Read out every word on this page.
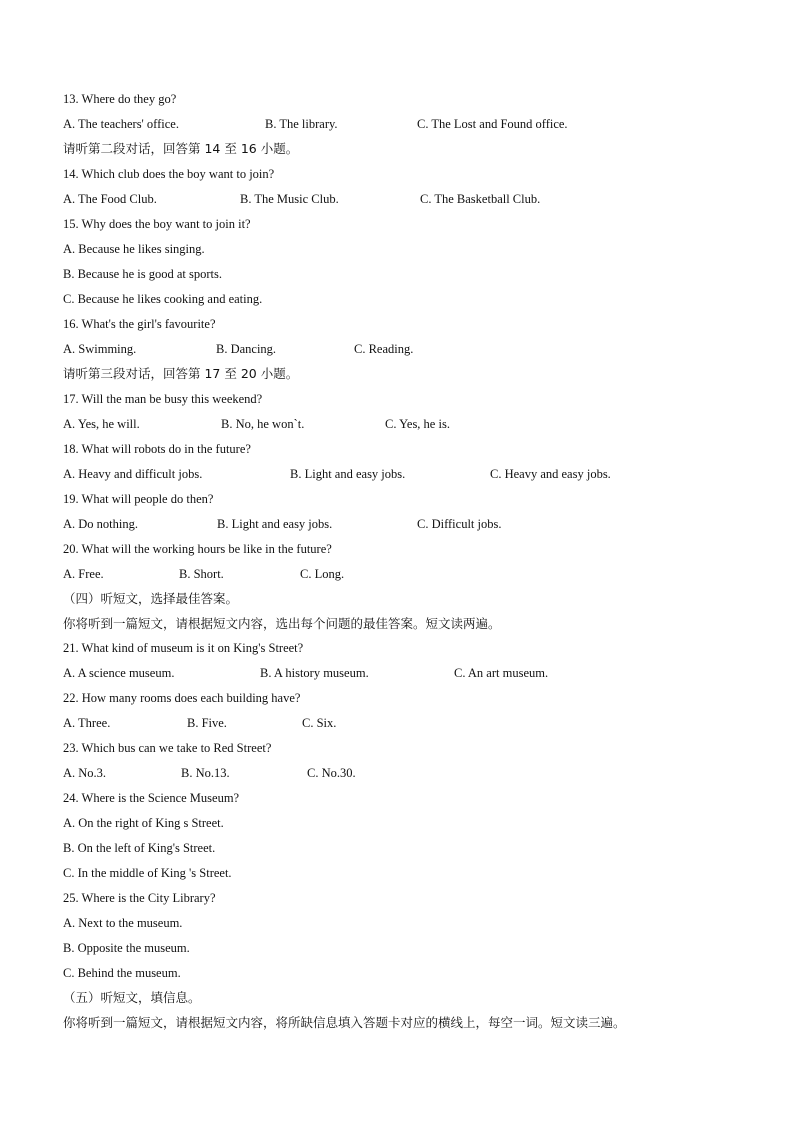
13. Where do they go?
A. The teachers' office.	B. The library.	C. The Lost and Found office.
请听第二段对话，回答第 14 至 16 小题。
14. Which club does the boy want to join?
A. The Food Club.	B. The Music Club.	C. The Basketball Club.
15. Why does the boy want to join it?
A. Because he likes singing.
B. Because he is good at sports.
C. Because he likes cooking and eating.
16. What's the girl's favourite?
A. Swimming.	B. Dancing.	C. Reading.
请听第三段对话，回答第 17 至 20 小题。
17. Will the man be busy this weekend?
A. Yes, he will.	B. No, he won`t.	C. Yes, he is.
18. What will robots do in the future?
A. Heavy and difficult jobs.	B. Light and easy jobs.	C. Heavy and easy jobs.
19. What will people do then?
A. Do nothing.	B. Light and easy jobs.	C. Difficult jobs.
20. What will the working hours be like in the future?
A. Free.	B. Short.	C. Long.
（四）听短文，选择最佳答案。
你将听到一篇短文，请根据短文内容，选出每个问题的最佳答案。短文读两遍。
21. What kind of museum is it on King's Street?
A. A science museum.	B. A history museum.	C. An art museum.
22. How many rooms does each building have?
A. Three.	B. Five.	C. Six.
23. Which bus can we take to Red Street?
A. No.3.	B. No.13.	C. No.30.
24. Where is the Science Museum?
A. On the right of King s Street.
B. On the left of King's Street.
C. In the middle of King 's Street.
25. Where is the City Library?
A. Next to the museum.
B. Opposite the museum.
C. Behind the museum.
（五）听短文，填信息。
你将听到一篇短文，请根据短文内容，将所缺信息填入答题卡对应的横线上，每空一词。短文读三遍。
